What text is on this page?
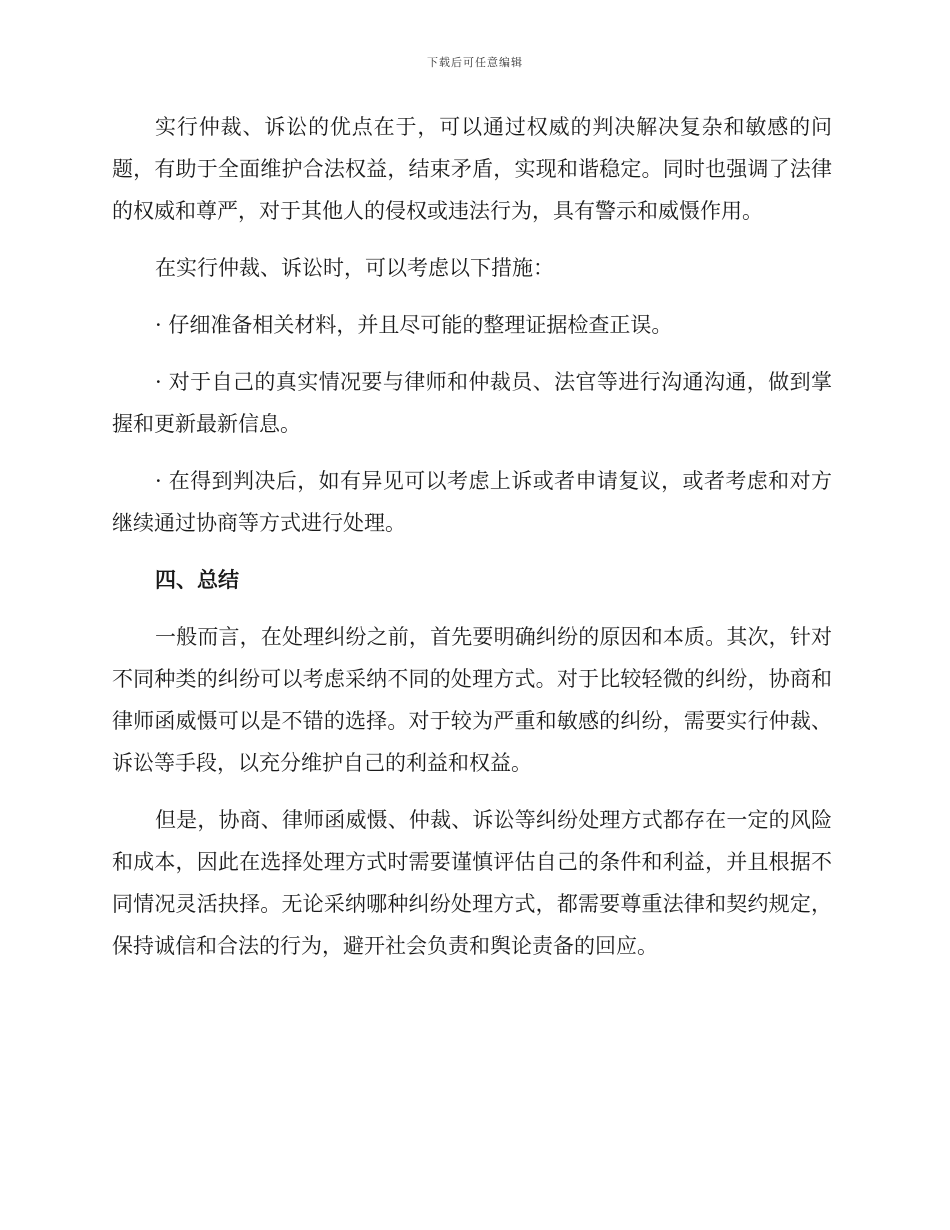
下载后可任意编辑

实行仲裁、诉讼的优点在于，可以通过权威的判决解决复杂和敏感的问题，有助于全面维护合法权益，结束矛盾，实现和谐稳定。同时也强调了法律的权威和尊严，对于其他人的侵权或违法行为，具有警示和威慑作用。

在实行仲裁、诉讼时，可以考虑以下措施：

· 仔细准备相关材料，并且尽可能的整理证据检查正误。

· 对于自己的真实情况要与律师和仲裁员、法官等进行沟通沟通，做到掌握和更新最新信息。

· 在得到判决后，如有异见可以考虑上诉或者申请复议，或者考虑和对方继续通过协商等方式进行处理。

四、总结

一般而言，在处理纠纷之前，首先要明确纠纷的原因和本质。其次，针对不同种类的纠纷可以考虑采纳不同的处理方式。对于比较轻微的纠纷，协商和律师函威慑可以是不错的选择。对于较为严重和敏感的纠纷，需要实行仲裁、诉讼等手段，以充分维护自己的利益和权益。

但是，协商、律师函威慑、仲裁、诉讼等纠纷处理方式都存在一定的风险和成本，因此在选择处理方式时需要谨慎评估自己的条件和利益，并且根据不同情况灵活抉择。无论采纳哪种纠纷处理方式，都需要尊重法律和契约规定，保持诚信和合法的行为，避开社会负责和舆论责备的回应。
